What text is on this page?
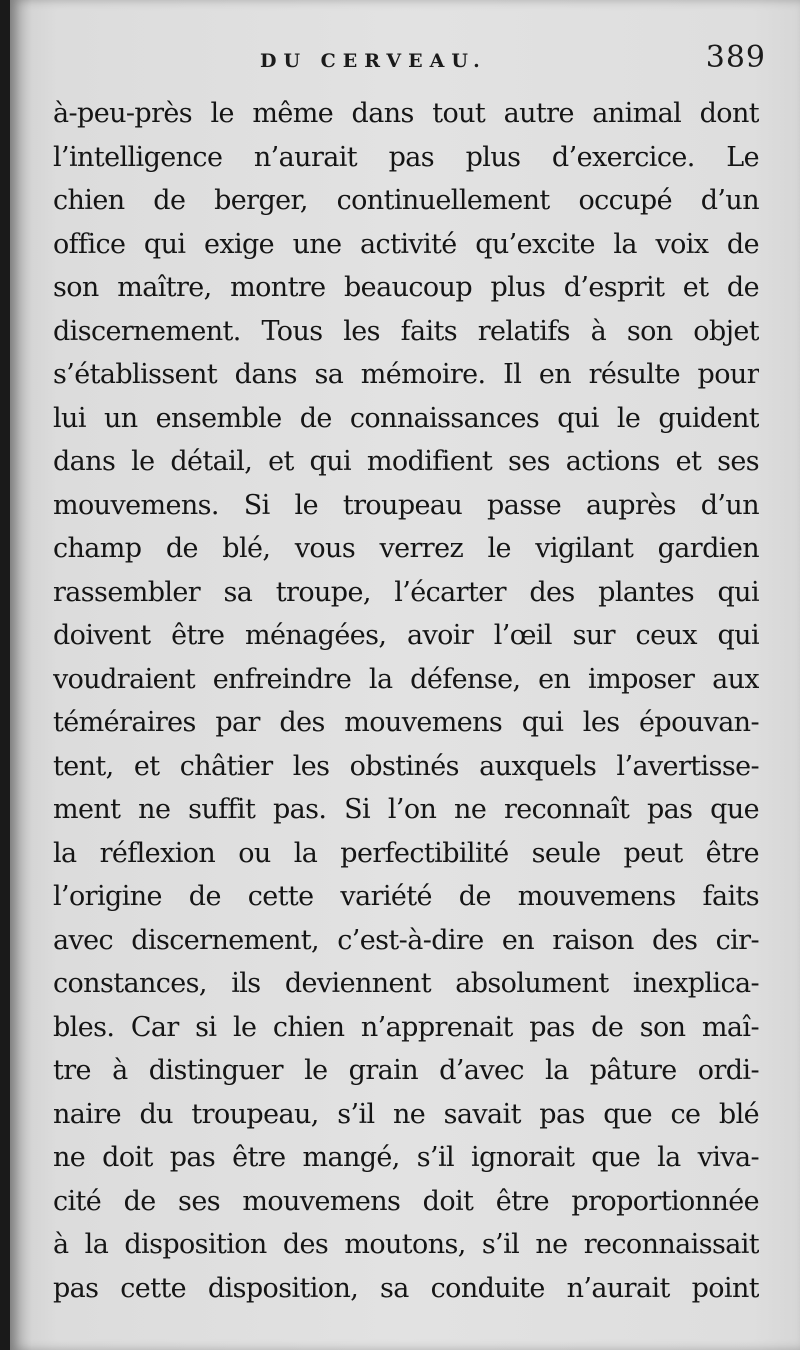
DU CERVEAU.	389
à-peu-près le même dans tout autre animal dont
l’intelligence n’aurait pas plus d’exercice. Le
chien de berger, continuellement occupé d’un
office qui exige une activité qu’excite la voix de
son maître, montre beaucoup plus d’esprit et de
discernement. Tous les faits relatifs à son objet
s’établissent dans sa mémoire. Il en résulte pour
lui un ensemble de connaissances qui le guident
dans le détail, et qui modifient ses actions et ses
mouvemens. Si le troupeau passe auprès d’un
champ de blé, vous verrez le vigilant gardien
rassembler sa troupe, l’écarter des plantes qui
doivent être ménagées, avoir l’œil sur ceux qui
voudraient enfreindre la défense, en imposer aux
téméraires par des mouvemens qui les épouvan-
tent, et châtier les obstinés auxquels l’avertisse-
ment ne suffit pas. Si l’on ne reconnaît pas que
la réflexion ou la perfectibilité seule peut être
l’origine de cette variété de mouvemens faits
avec discernement, c’est-à-dire en raison des cir-
constances, ils deviennent absolument inexplica-
bles. Car si le chien n’apprenait pas de son maî-
tre à distinguer le grain d’avec la pâture ordi-
naire du troupeau, s’il ne savait pas que ce blé
ne doit pas être mangé, s’il ignorait que la viva-
cité de ses mouvemens doit être proportionnée
à la disposition des moutons, s’il ne reconnaissait
pas cette disposition, sa conduite n’aurait point
